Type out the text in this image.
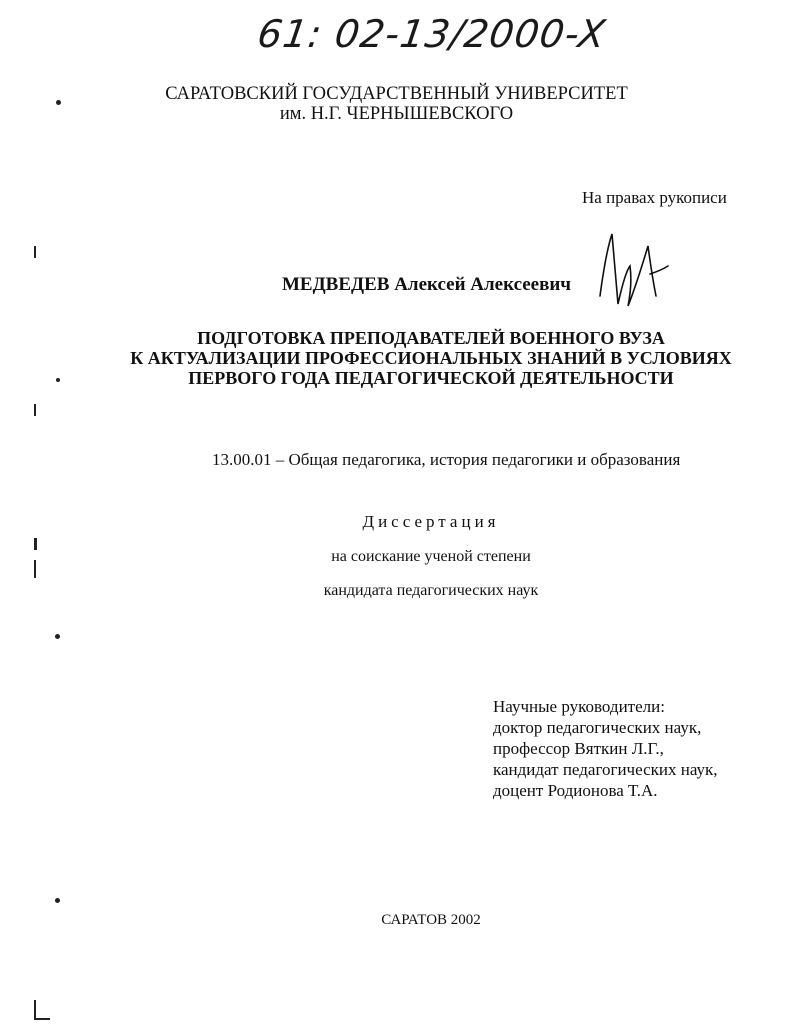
61: 02-13/2000-X
САРАТОВСКИЙ ГОСУДАРСТВЕННЫЙ УНИВЕРСИТЕТ
им. Н.Г. ЧЕРНЫШЕВСКОГО
На правах рукописи
МЕДВЕДЕВ Алексей Алексеевич
ПОДГОТОВКА ПРЕПОДАВАТЕЛЕЙ ВОЕННОГО ВУЗА
К АКТУАЛИЗАЦИИ ПРОФЕССИОНАЛЬНЫХ ЗНАНИЙ В УСЛОВИЯХ
ПЕРВОГО ГОДА ПЕДАГОГИЧЕСКОЙ ДЕЯТЕЛЬНОСТИ
13.00.01 – Общая педагогика, история педагогики и образования
Диссертация
на соискание ученой степени
кандидата педагогических наук
Научные руководители:
доктор педагогических наук,
профессор Вяткин Л.Г.,
кандидат педагогических наук,
доцент Родионова Т.А.
САРАТОВ 2002
